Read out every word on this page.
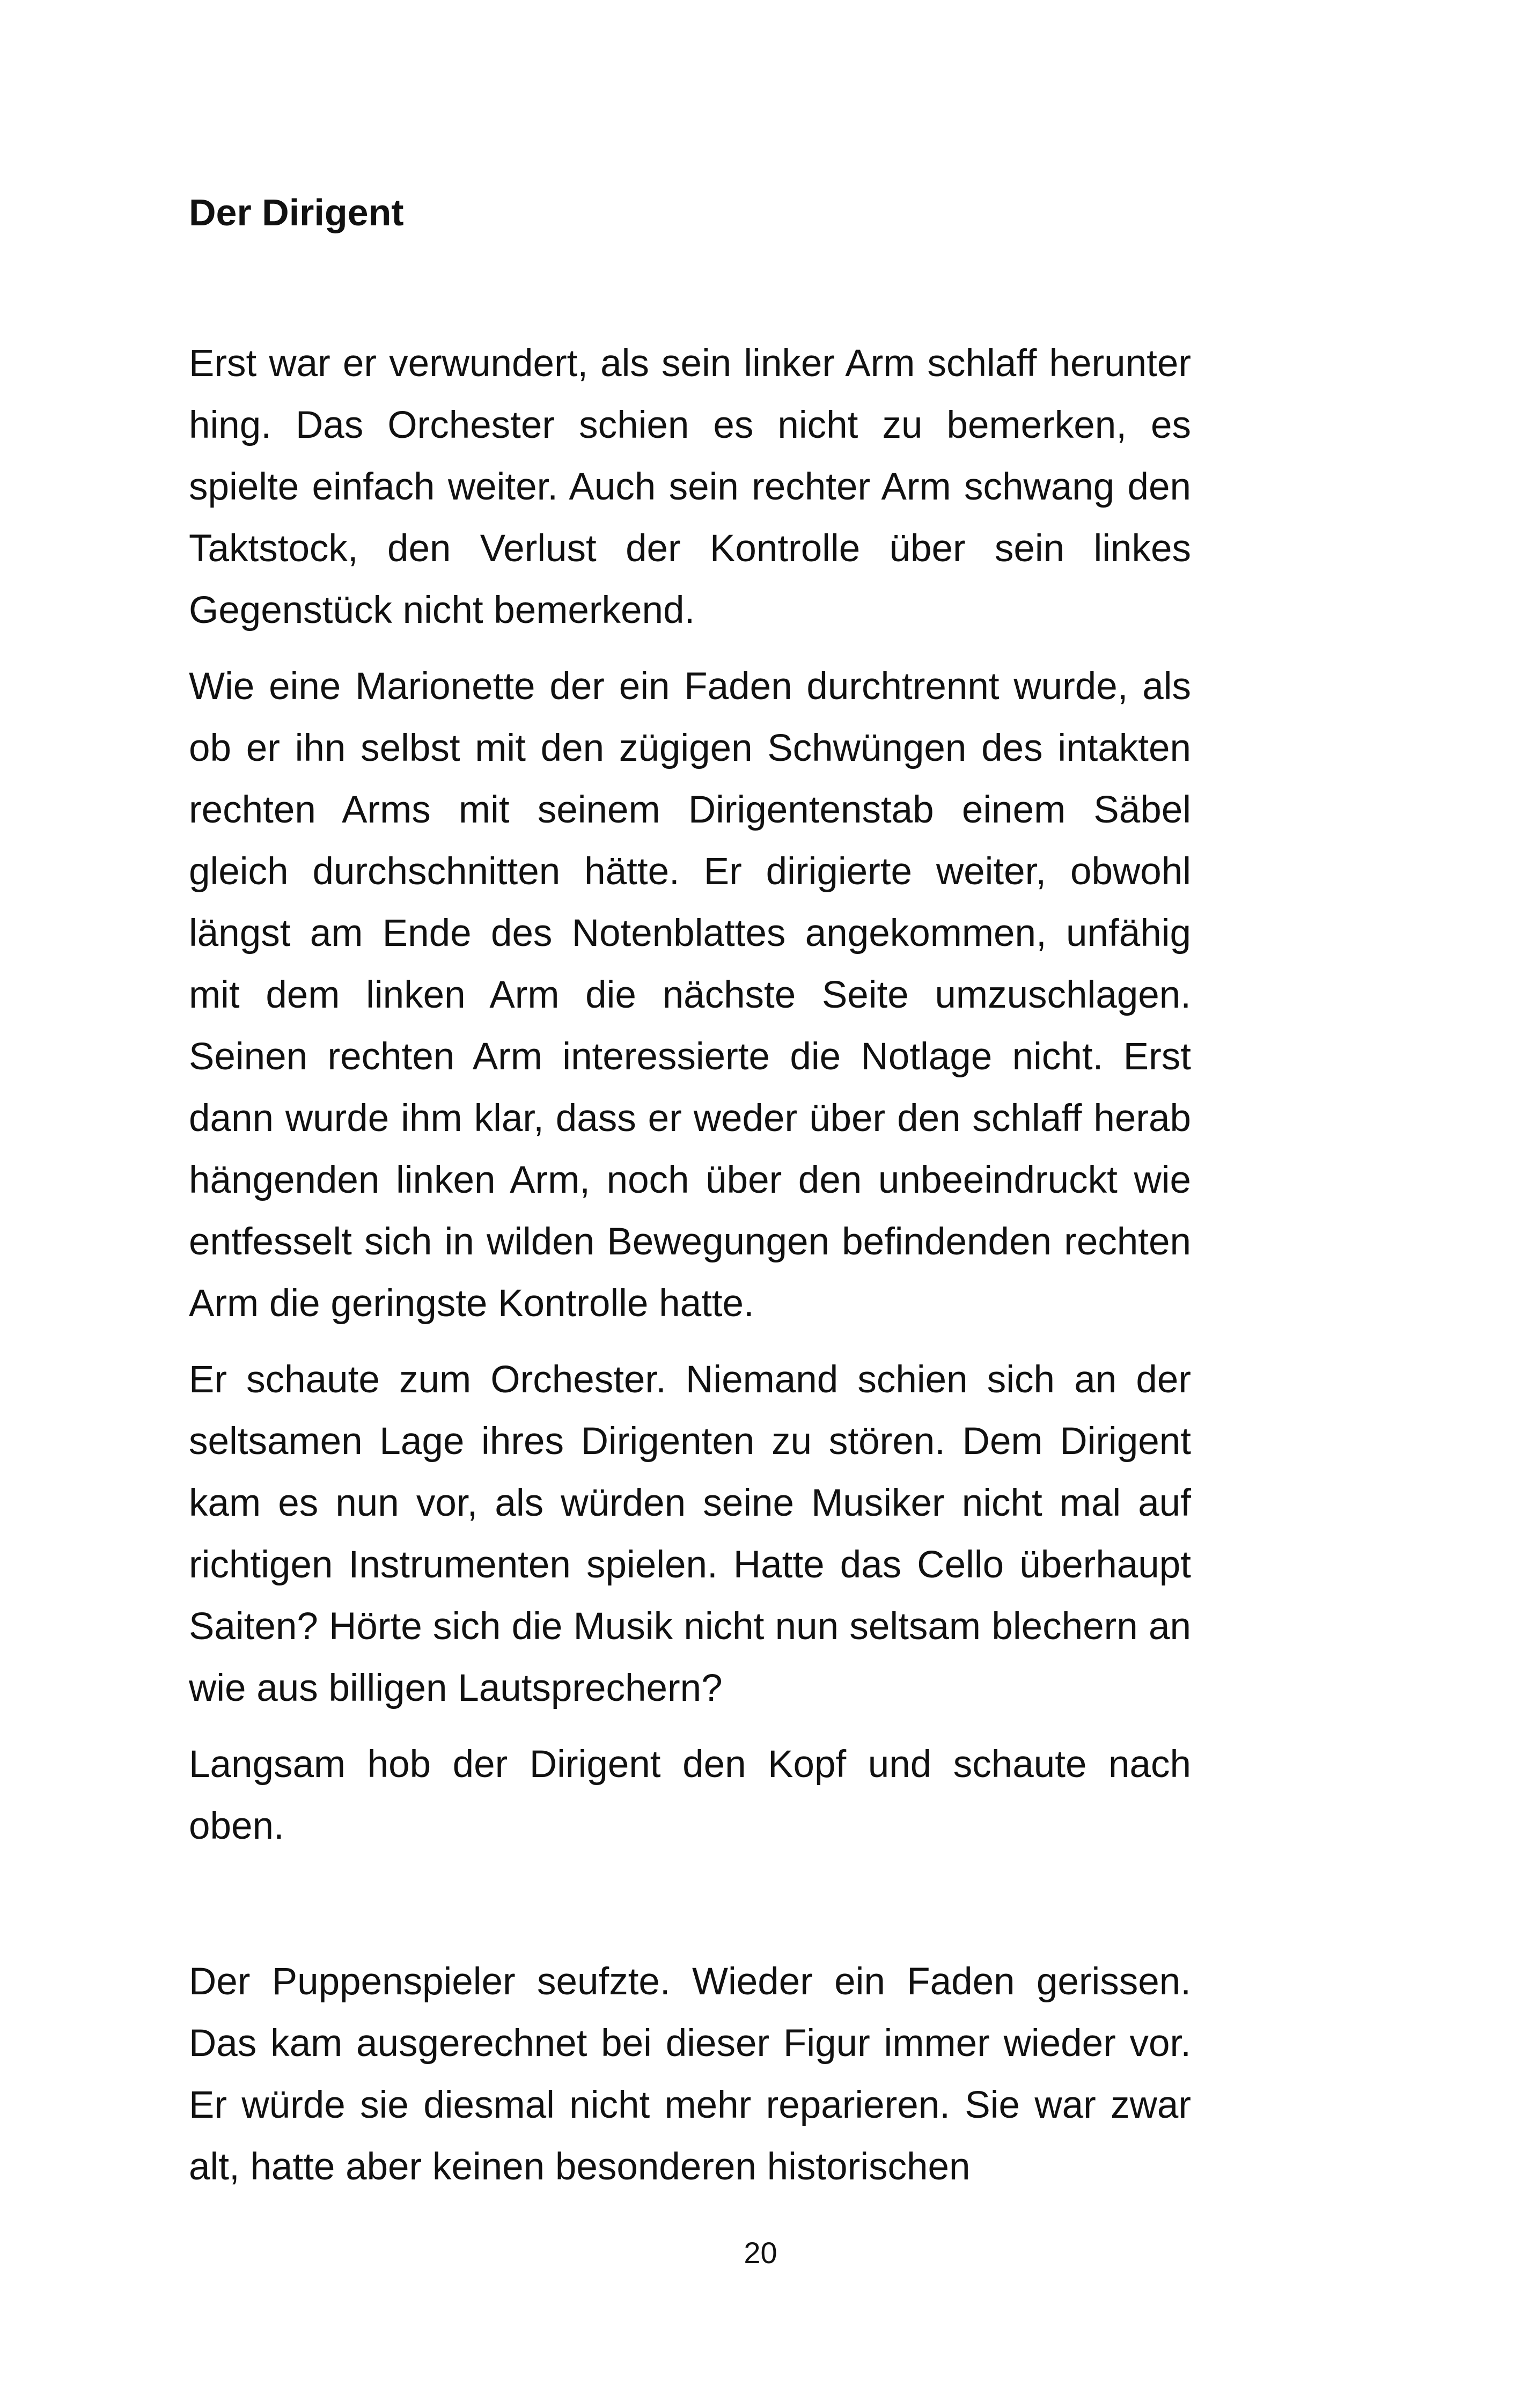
Der Dirigent

Erst war er verwundert, als sein linker Arm schlaff herunter hing. Das Orchester schien es nicht zu bemerken, es spielte einfach weiter. Auch sein rechter Arm schwang den Taktstock, den Verlust der Kontrolle über sein linkes Gegenstück nicht bemerkend.

Wie eine Marionette der ein Faden durchtrennt wurde, als ob er ihn selbst mit den zügigen Schwüngen des intakten rechten Arms mit seinem Dirigentenstab einem Säbel gleich durchschnitten hätte. Er dirigierte weiter, obwohl längst am Ende des Notenblattes angekommen, unfähig mit dem linken Arm die nächste Seite umzuschlagen. Seinen rechten Arm interessierte die Notlage nicht. Erst dann wurde ihm klar, dass er weder über den schlaff herab hängenden linken Arm, noch über den unbeeindruckt wie entfesselt sich in wilden Bewegungen befindenden rechten Arm die geringste Kontrolle hatte.

Er schaute zum Orchester. Niemand schien sich an der seltsamen Lage ihres Dirigenten zu stören. Dem Dirigent kam es nun vor, als würden seine Musiker nicht mal auf richtigen Instrumenten spielen. Hatte das Cello überhaupt Saiten? Hörte sich die Musik nicht nun seltsam blechern an wie aus billigen Lautsprechern?

Langsam hob der Dirigent den Kopf und schaute nach oben.

Der Puppenspieler seufzte. Wieder ein Faden gerissen. Das kam ausgerechnet bei dieser Figur immer wieder vor. Er würde sie diesmal nicht mehr reparieren. Sie war zwar alt, hatte aber keinen besonderen historischen

20
